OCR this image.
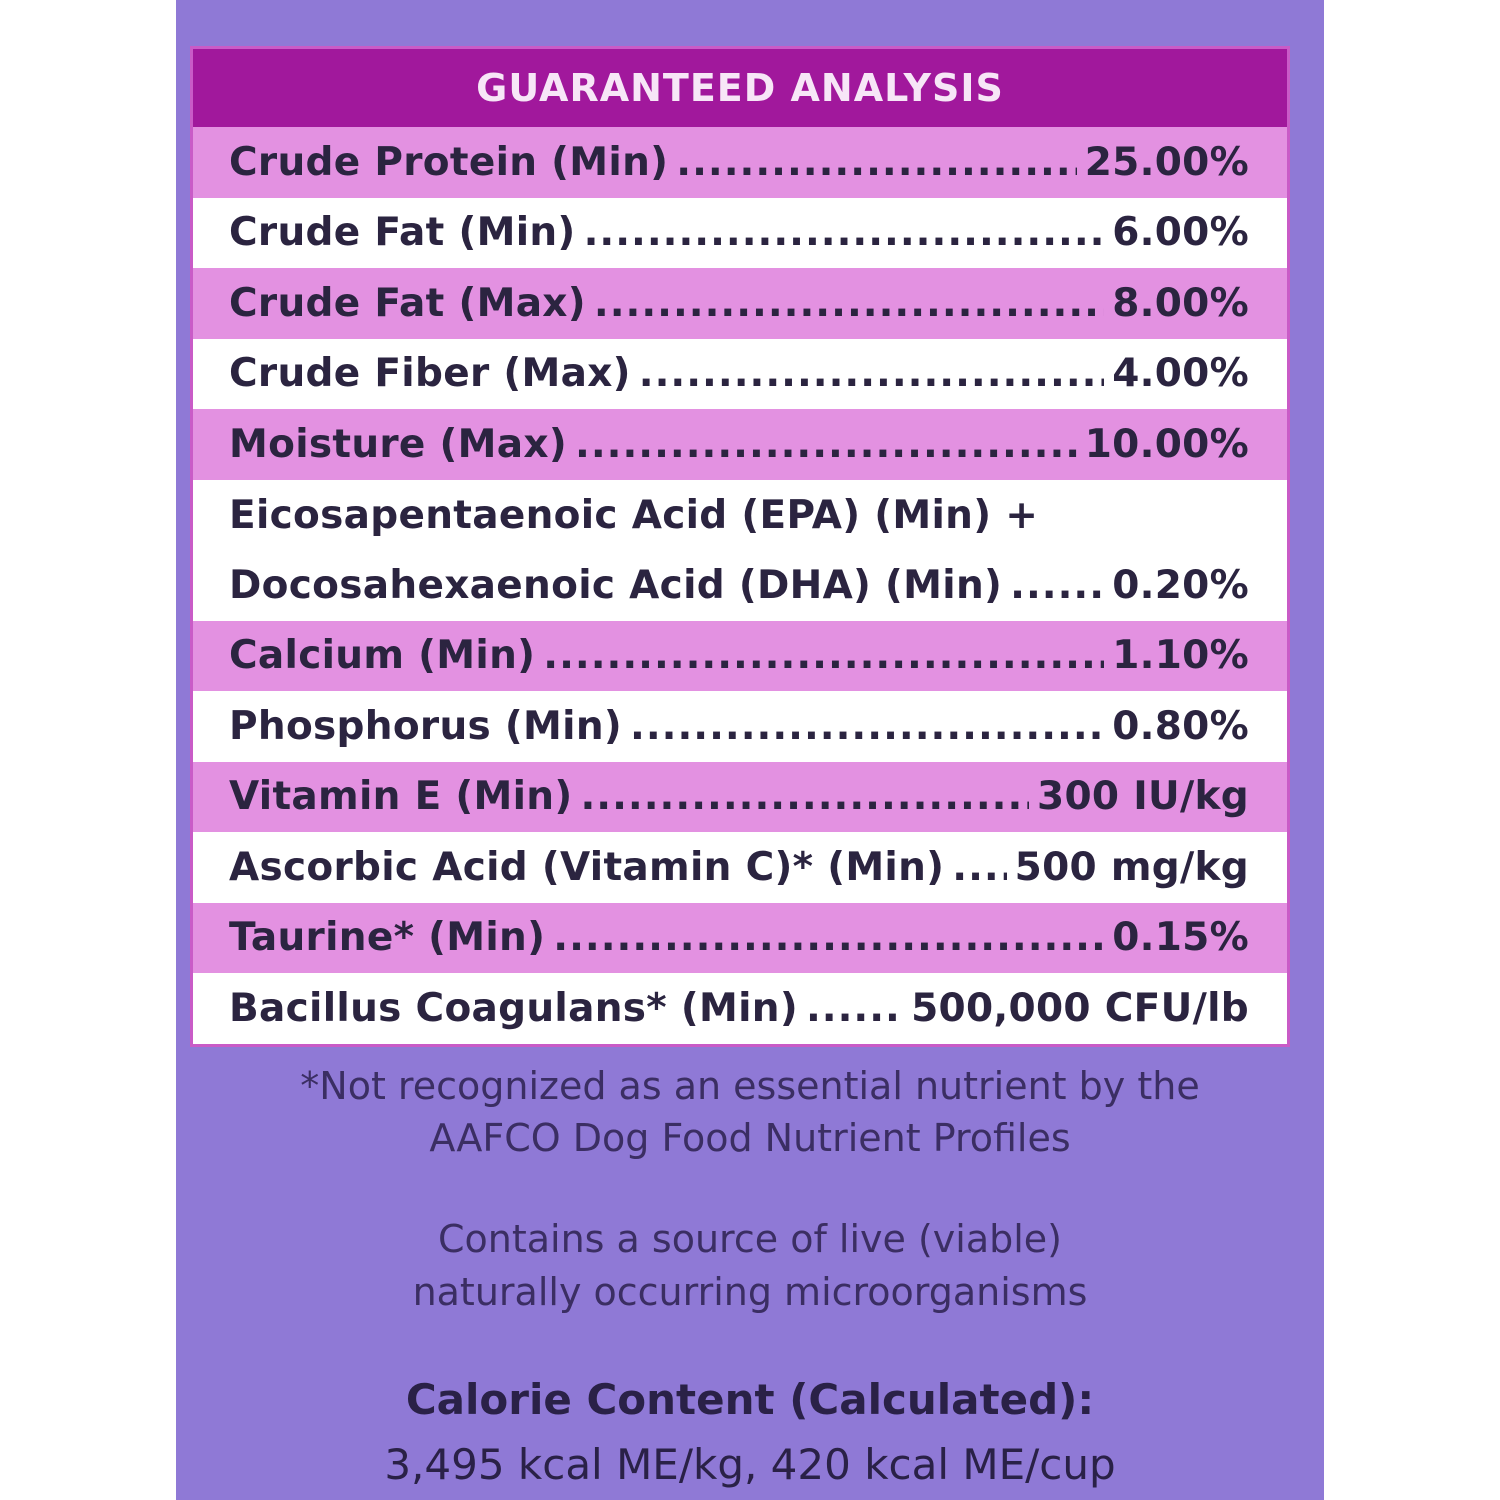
GUARANTEED ANALYSIS
Crude Protein (Min) .....	25.00%
Crude Fat (Min) .....	6.00%
Crude Fat (Max) .....	8.00%
Crude Fiber (Max) .....	4.00%
Moisture (Max) .....	10.00%
Eicosapentaenoic Acid (EPA) (Min) +
Docosahexaenoic Acid (DHA) (Min) .....	0.20%
Calcium (Min) .....	1.10%
Phosphorus (Min) .....	0.80%
Vitamin E (Min) .....	300 IU/kg
Ascorbic Acid (Vitamin C)* (Min) ..... 500 mg/kg
Taurine* (Min) .....	0.15%
Bacillus Coagulans* (Min) .....	500,000 CFU/lb
*Not recognized as an essential nutrient by the
AAFCO Dog Food Nutrient Profiles
Contains a source of live (viable)
naturally occurring microorganisms
Calorie Content (Calculated):
3,495 kcal ME/kg, 420 kcal ME/cup
